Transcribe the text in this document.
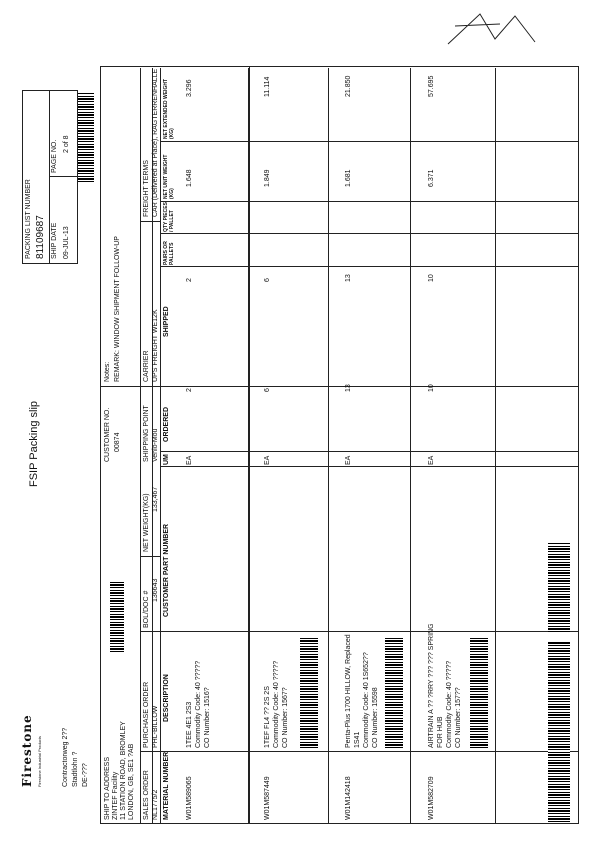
Firestone Firestone Industrial Products	Contractorweg 2?? Stadtlohn ? DE-???
FSIP Packing slip
PACKING LIST NUMBER 81109687 SHIP DATE 09-JUL-13
PAGE NO. 2 of 8
SHIP TO ADDRESS ZINTEF Facility 11 STATION ROAD, BROMLEY LONDON, GB, SE1 ?AB
CUSTOMER NO. 00874
Notes: REMARK: WINDOW SHIPMENT FOLLOW-UP
SALES ORDER NL1775/2
PURCHASE ORDER PHL-BILLOW
BOL/DOC #
136643
NET WEIGHT(KG) 133,467
SHIPPING POINT Venlo-Mou
CARRIER UPS FREIGHT WE12K
FREIGHT TERMS CAR (Delivered at Place), RAGTERRENHALLE
MATERIAL NUMBER
DESCRIPTION
CUSTOMER PART NUMBER
UM
ORDERED
SHIPPED
PAIRS OR PALLETS
QTY PIECES / PALLET
NET UNIT WEIGHT (KG)
NET EXTENDED WEIGHT (KG)
W01M589065
1TEE 4E1 2S3 Commodity Code: 40 ????? CO Number: 1516?
EA
2
2
1.648
3.296
W01M587449
1TEF FL4 ?? 2S 2S Commodity Code: 40 ????? CO Number: 1567?
EA
6
6
1.849
11.114
W01M142418
Penta-Plus 1700 HILLOW, Replaced 1S41 Commodity Code: 40 1S652?? CO Number: 15598
EA
13
13
1.681
21.850
W01M582709
AIRTRAIN A ?? ?RRY ??? ??? SPRING FOR HUB Commodity Code: 40 ????? CO Number: 157??
EA
10
10
6.371
57.695
